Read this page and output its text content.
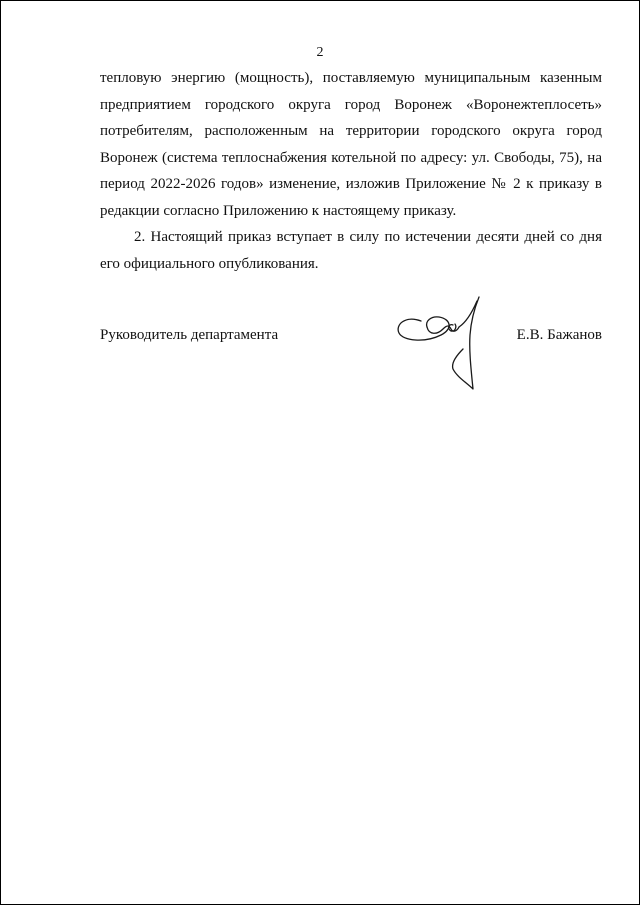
2

тепловую энергию (мощность), поставляемую муниципальным казенным
предприятием городского округа город Воронеж «Воронежтеплосеть»
потребителям, расположенным на территории городского округа город
Воронеж (система теплоснабжения котельной по адресу: ул. Свободы, 75), на
период 2022-2026 годов» изменение, изложив Приложение № 2 к приказу в
редакции согласно Приложению к настоящему приказу.

2. Настоящий приказ вступает в силу по истечении десяти дней со дня
его официального опубликования.

Руководитель департамента	Е.В. Бажанов
